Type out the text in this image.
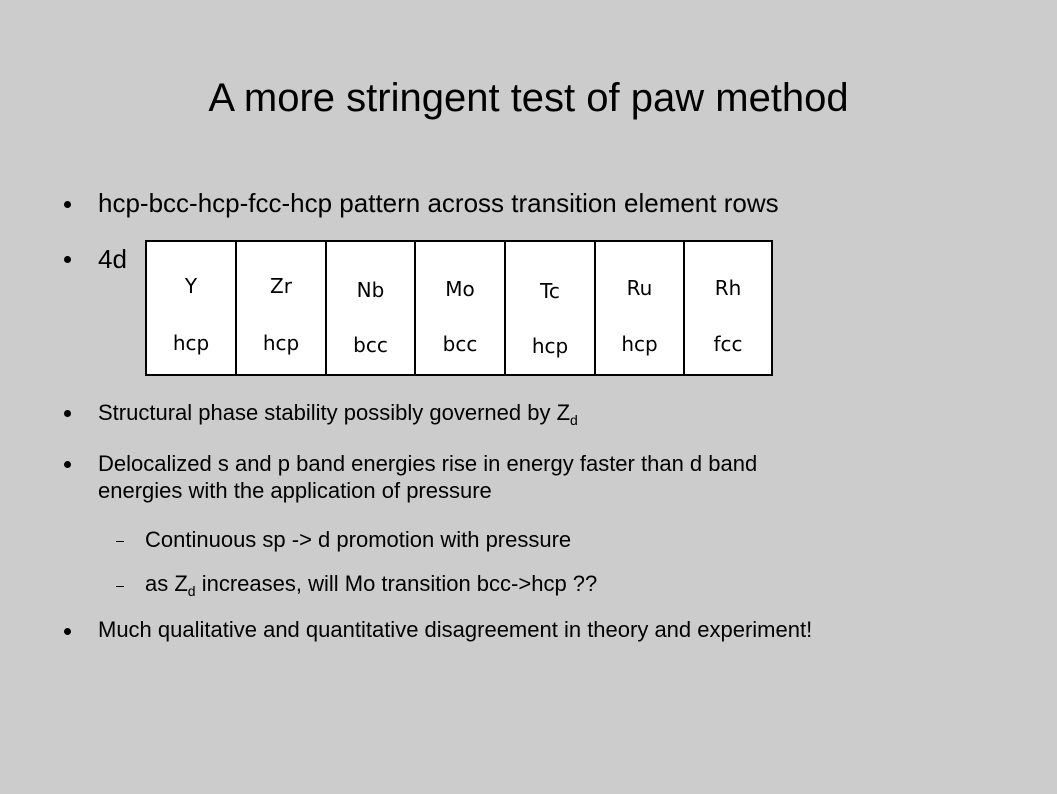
A more stringent test of paw method
hcp-bcc-hcp-fcc-hcp pattern across transition element rows
4d
Y
hcp
Zr
hcp
Nb
bcc
Mo
bcc
Tc
hcp
Ru
hcp
Rh
fcc
Structural phase stability possibly governed by $Z_d$
Delocalized s and p band energies rise in energy faster than d band
energies with the application of pressure
Continuous sp -> d promotion with pressure
as $Z_d$ increases, will Mo transition bcc->hcp ??
Much qualitative and quantitative disagreement in theory and experiment!
